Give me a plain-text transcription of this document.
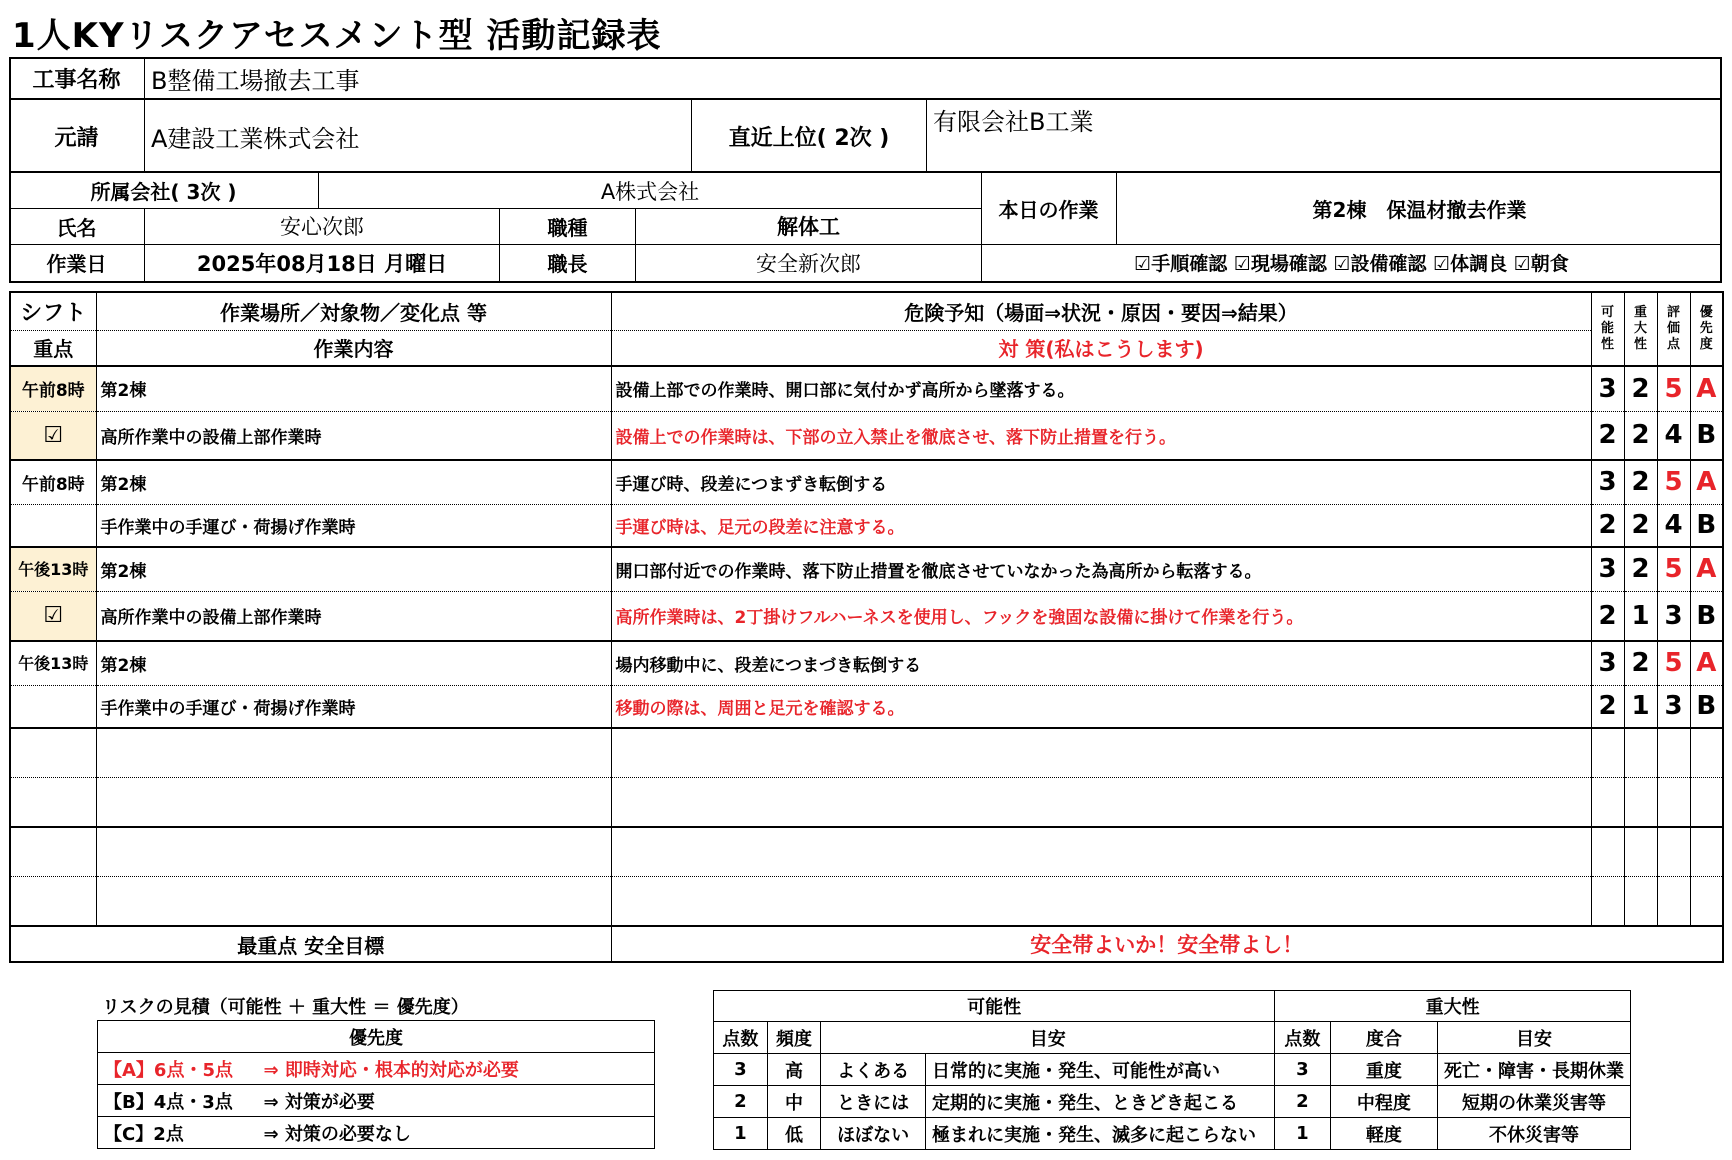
1人KYリスクアセスメント型 活動記録表
工事名称	B整備工場撤去工事
元請	A建設工業株式会社	直近上位( 2次 )
有限会社B工業
所属会社( 3次 )	A株式会社
本日の作業	第2棟　保温材撤去作業
氏名	安心次郎	職種	解体工
作業日	2025年08月18日 月曜日	職長	安全新次郎	☑手順確認 ☑現場確認 ☑設備確認 ☑体調良 ☑朝食
シフト	作業場所／対象物／変化点 等	危険予知（場面⇒状況・原因・要因⇒結果）	可能性	重大性	評価点	優先度
重点	作業内容	対 策(私はこうします)				
午前8時	第2棟	設備上部での作業時、開口部に気付かず高所から墜落する。	3	2	5	A
☑	高所作業中の設備上部作業時	設備上での作業時は、下部の立入禁止を徹底させ、落下防止措置を行う。	2	2	4	B
午前8時	第2棟	手運び時、段差につまずき転倒する	3	2	5	A
	手作業中の手運び・荷揚げ作業時	手運び時は、足元の段差に注意する。	2	2	4	B
午後13時	第2棟	開口部付近での作業時、落下防止措置を徹底させていなかった為高所から転落する。	3	2	5	A
☑	高所作業中の設備上部作業時	高所作業時は、2丁掛けフルハーネスを使用し、フックを強固な設備に掛けて作業を行う。	2	1	3	B
午後13時	第2棟	場内移動中に、段差につまづき転倒する	3	2	5	A
	手作業中の手運び・荷揚げ作業時	移動の際は、周囲と足元を確認する。	2	1	3	B

最重点 安全目標		安全帯よいか！安全帯よし！				
リスクの見積（可能性 ＋ 重大性 ＝ 優先度）
優先度	
【A】6点・5点	⇒ 即時対応・根本的対応が必要
【B】4点・3点	⇒ 対策が必要
【C】2点	⇒ 対策の必要なし
可能性				重大性		
点数	頻度	目安		点数	度合	目安
3	高	よくある	日常的に実施・発生、可能性が高い	3	重度	死亡・障害・長期休業
2	中	ときには	定期的に実施・発生、ときどき起こる	2	中程度	短期の休業災害等
1	低	ほぼない	極まれに実施・発生、滅多に起こらない	1	軽度	不休災害等
